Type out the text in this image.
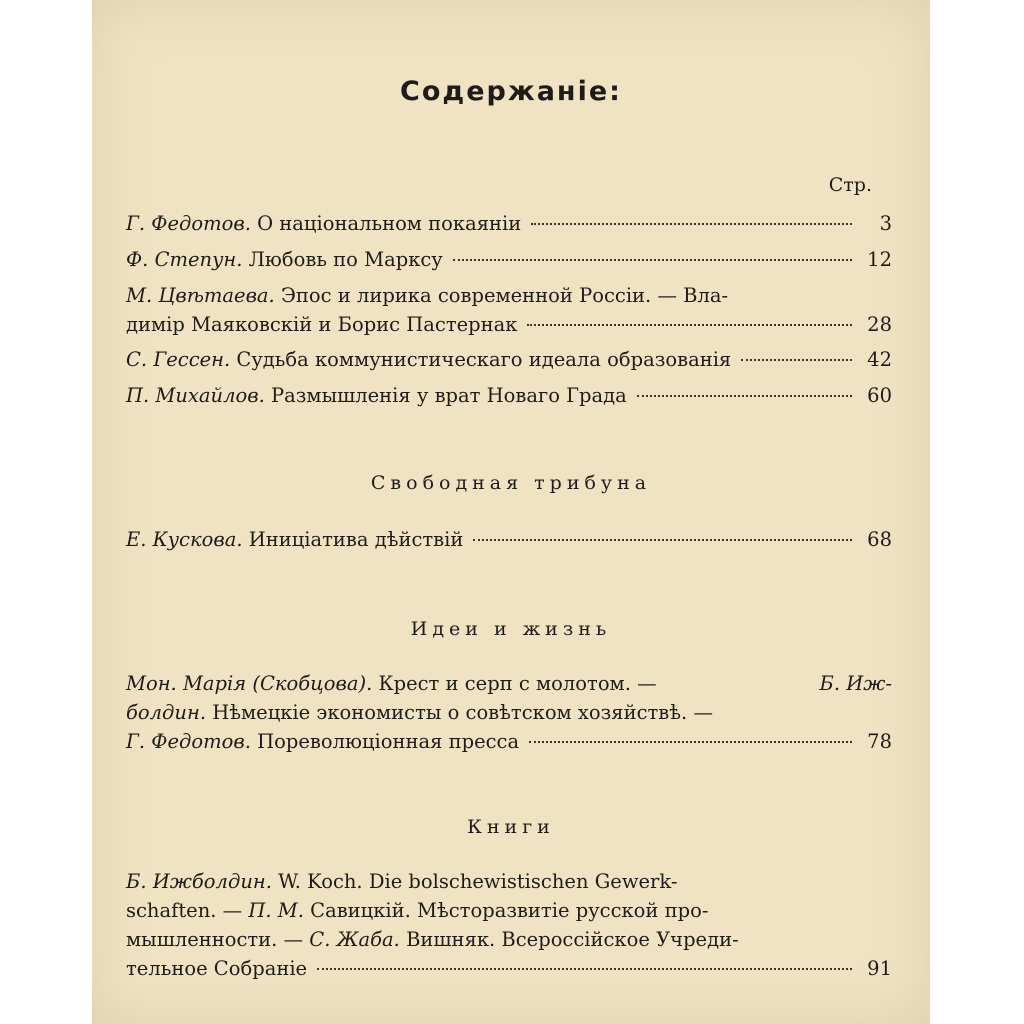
Содержаніе:
Стр.
Г. Федотов.
О національном покаяніи	3
Ф. Степун.
Любовь по Марксу	12
М. Цвѣтаева.
Эпос и лирика современной Россіи. — Вла-
димір Маяковскій и Борис Пастернак	28
С. Гессен.
Судьба коммунистическаго идеала образованія	42
П. Михайлов.
Размышленія у врат Новаго Града	60
Свободная трибуна
Е. Кускова.
Иниціатива дѣйствій	68
Идеи и жизнь
Мон. Марія (Скобцова). Крест и серп с молотом. —	Б. Иж-
болдин.
Нѣмецкіе экономисты о совѣтском хозяйствѣ. —
Г. Федотов.
Пореволюціонная пресса	78
Книги
Б. Ижболдин.
W. Koch. Die bolschewistischen Gewerk-
schaften. —
П. М.
Савицкій. Мѣсторазвитіе русской про-
мышленности. —
С. Жаба.
Вишняк. Всероссійское Учреди-
тельное Собраніе	91
